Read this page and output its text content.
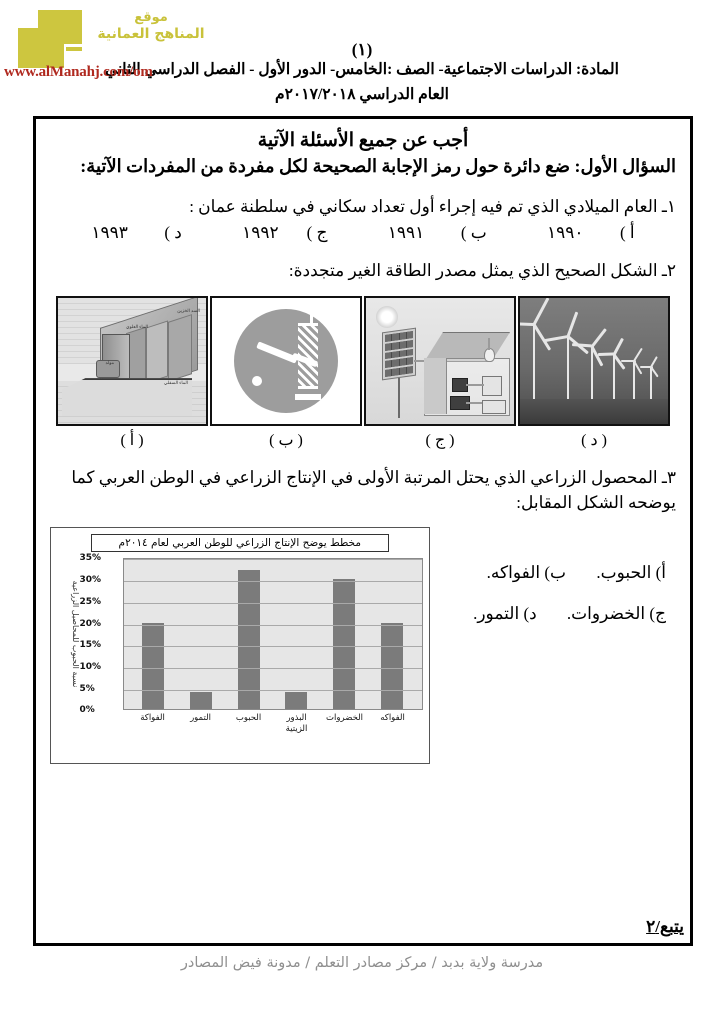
موقع
المناهج العمانية
(١)
المادة: الدراسات الاجتماعية- الصف :الخامس- الدور الأول - الفصل الدراسي الثاني
العام الدراسي ٢٠١٧/٢٠١٨م
www.alManahj.com/om
أجب عن جميع الأسئلة الآتية
السؤال الأول: ضع دائرة حول رمز الإجابة الصحيحة لكل مفردة من المفردات الآتية:
١ـ العام الميلادي الذي تم فيه إجراء أول تعداد سكاني في سلطنة عمان :
أ )  ١٩٩٠ ب )  ١٩٩١ ج )١٩٩٢ د )  ١٩٩٣
٢ـ الشكل الصحيح الذي يمثل مصدر الطاقة الغير متجددة:
( د )
( ج )
( ب )
السد الخزين
الماء العلوي
مولد
الماء السفلي
( أ )
٣ـ المحصول الزراعي الذي يحتل المرتبة الأولى في الإنتاج الزراعي في الوطن العربي كما يوضحه الشكل المقابل:
أ) الحبوب. ب) الفواكه.
ج) الخضروات. د) التمور.
مخطط يوضح الإنتاج الزراعي للوطن العربي لعام ٢٠١٤م
نسبة الحبوب للمحاصيل الزراعية
0%
5%
10%
15%
20%
25%
30%
35%
الفواكة	التمور	الحبوب	البذور الزيتية
الخضروات	الفواكه
يتبع/٢
مدرسة ولاية بدبد / مركز مصادر التعلم / مدونة فيض المصادر
